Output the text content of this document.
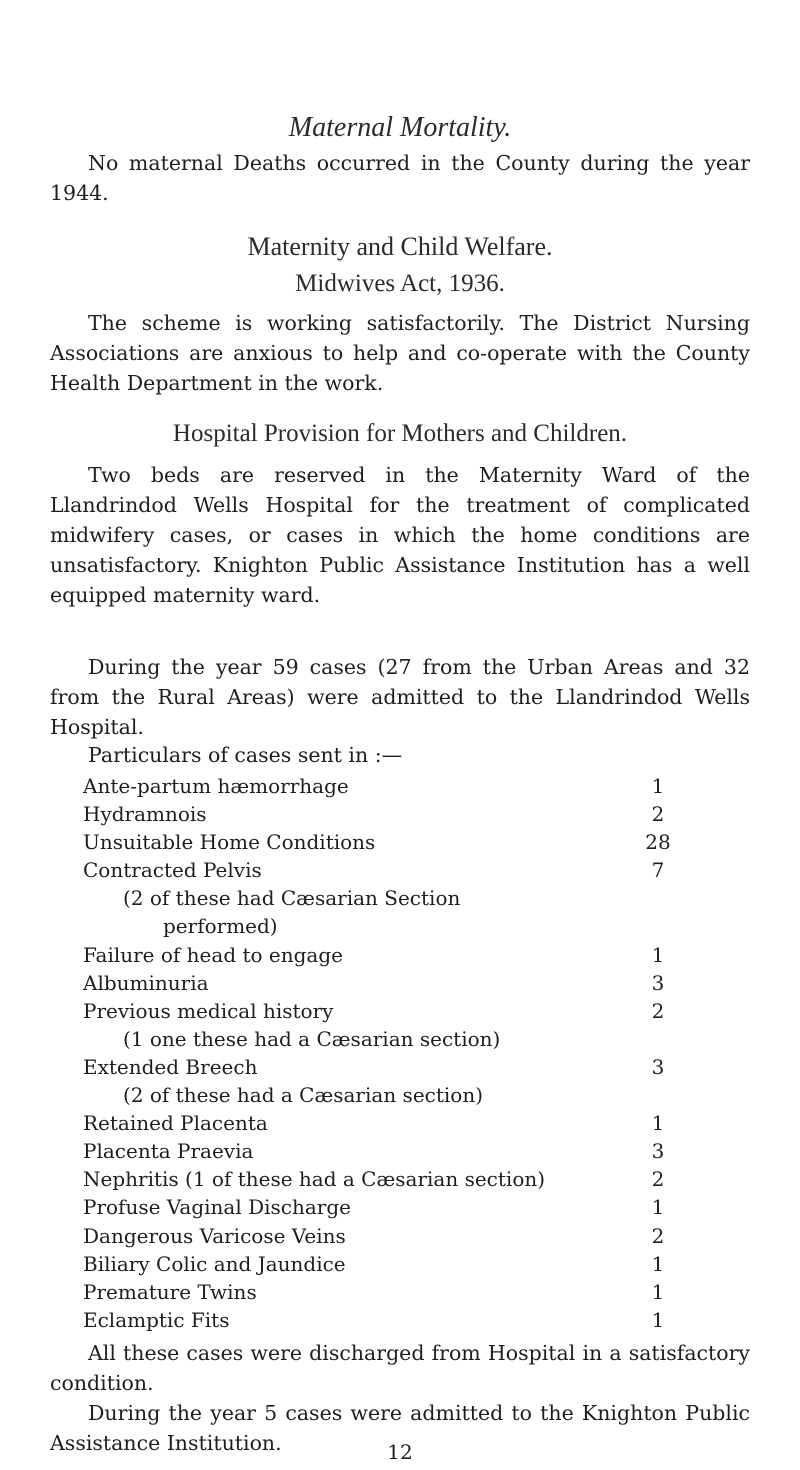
Maternal Mortality.

No maternal Deaths occurred in the County during the year 1944.

Maternity and Child Welfare.
Midwives Act, 1936.

The scheme is working satisfactorily. The District Nursing Associations are anxious to help and co-operate with the County Health Department in the work.

Hospital Provision for Mothers and Children.

Two beds are reserved in the Maternity Ward of the Llandrindod Wells Hospital for the treatment of complicated midwifery cases, or cases in which the home conditions are unsatisfactory. Knighton Public Assistance Institution has a well equipped maternity ward.

During the year 59 cases (27 from the Urban Areas and 32 from the Rural Areas) were admitted to the Llandrindod Wells Hospital.

Particulars of cases sent in :—

Ante-partum hæmorrhage	1
Hydramnois	2
Unsuitable Home Conditions	28
Contracted Pelvis	7
(2 of these had Cæsarian Section
performed)
Failure of head to engage	1
Albuminuria	3
Previous medical history	2
(1 one these had a Cæsarian section)
Extended Breech	3
(2 of these had a Cæsarian section)
Retained Placenta	1
Placenta Praevia	3
Nephritis (1 of these had a Cæsarian section)	2
Profuse Vaginal Discharge	1
Dangerous Varicose Veins	2
Biliary Colic and Jaundice	1
Premature Twins	1
Eclamptic Fits	1

All these cases were discharged from Hospital in a satisfactory condition.

During the year 5 cases were admitted to the Knighton Public Assistance Institution.	12
